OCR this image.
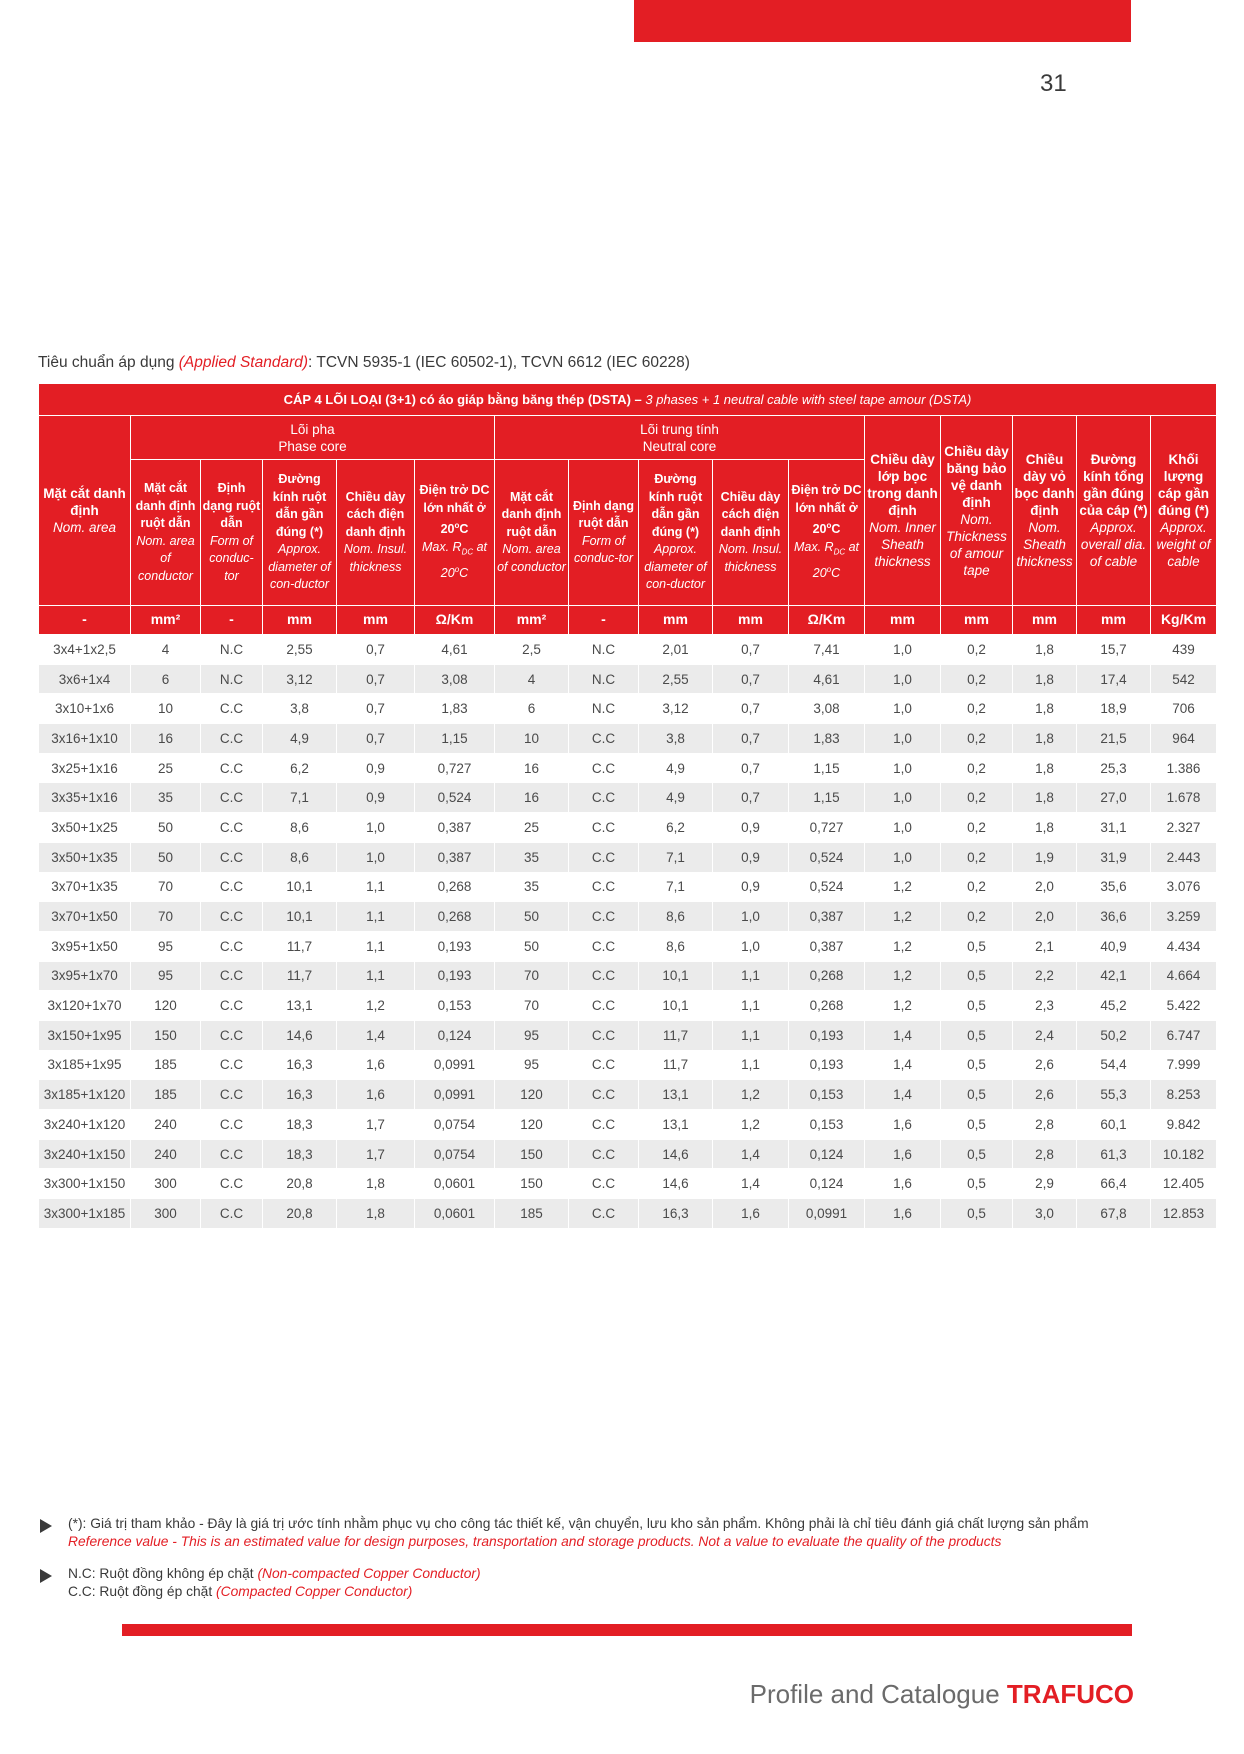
31
Tiêu chuẩn áp dụng (Applied Standard): TCVN 5935-1 (IEC 60502-1), TCVN 6612 (IEC 60228)
CÁP 4 LÕI LOẠI (3+1) có áo giáp bằng băng thép (DSTA) – 3 phases + 1 neutral cable with steel tape amour (DSTA)															
Mặt cắt danh định
Nom. area	Lõi pha
Phase core					Lõi trung tính
Neutral core					Chiều dày lớp bọc trong danh định
Nom. Inner Sheath thickness	Chiều dày băng bảo vệ danh định
Nom. Thickness of amour tape	Chiều dày vỏ bọc danh định
Nom. Sheath thickness	Đường kính tổng gần đúng của cáp (*)
Approx. overall dia. of cable	Khối lượng cáp gần đúng (*)
Approx. weight of cable

	Mặt cắt danh định ruột dẫn
Nom. area of conductor	Định dạng ruột dẫn
Form of conduc-tor	Đường kính ruột dẫn gần đúng (*)
Approx. diameter of con-ductor	Chiều dày cách điện danh định
Nom. Insul. thickness	Điện trở DC lớn nhất ở 20$^o$C
Max. $R_{DC}$ at 20$^o$C	Mặt cắt danh định ruột dẫn
Nom. area of conductor	Định dạng ruột dẫn
Form of conduc-tor	Đường kính ruột dẫn gần đúng (*)
Approx. diameter of con-ductor	Chiều dày cách điện danh định
Nom. Insul. thickness	Điện trở DC lớn nhất ở 20$^o$C
Max. $R_{DC}$ at 20$^o$C					

-	mm²	-	mm	mm	Ω/Km	mm²	-	mm	mm	Ω/Km	mm	mm	mm	mm	Kg/Km
3x4+1x2,5	4	N.C	2,55	0,7	4,61	2,5	N.C	2,01	0,7	7,41	1,0	0,2	1,8	15,7	439
3x6+1x4	6	N.C	3,12	0,7	3,08	4	N.C	2,55	0,7	4,61	1,0	0,2	1,8	17,4	542
3x10+1x6	10	C.C	3,8	0,7	1,83	6	N.C	3,12	0,7	3,08	1,0	0,2	1,8	18,9	706
3x16+1x10	16	C.C	4,9	0,7	1,15	10	C.C	3,8	0,7	1,83	1,0	0,2	1,8	21,5	964
3x25+1x16	25	C.C	6,2	0,9	0,727	16	C.C	4,9	0,7	1,15	1,0	0,2	1,8	25,3	1.386
3x35+1x16	35	C.C	7,1	0,9	0,524	16	C.C	4,9	0,7	1,15	1,0	0,2	1,8	27,0	1.678
3x50+1x25	50	C.C	8,6	1,0	0,387	25	C.C	6,2	0,9	0,727	1,0	0,2	1,8	31,1	2.327
3x50+1x35	50	C.C	8,6	1,0	0,387	35	C.C	7,1	0,9	0,524	1,0	0,2	1,9	31,9	2.443
3x70+1x35	70	C.C	10,1	1,1	0,268	35	C.C	7,1	0,9	0,524	1,2	0,2	2,0	35,6	3.076
3x70+1x50	70	C.C	10,1	1,1	0,268	50	C.C	8,6	1,0	0,387	1,2	0,2	2,0	36,6	3.259
3x95+1x50	95	C.C	11,7	1,1	0,193	50	C.C	8,6	1,0	0,387	1,2	0,5	2,1	40,9	4.434
3x95+1x70	95	C.C	11,7	1,1	0,193	70	C.C	10,1	1,1	0,268	1,2	0,5	2,2	42,1	4.664
3x120+1x70	120	C.C	13,1	1,2	0,153	70	C.C	10,1	1,1	0,268	1,2	0,5	2,3	45,2	5.422
3x150+1x95	150	C.C	14,6	1,4	0,124	95	C.C	11,7	1,1	0,193	1,4	0,5	2,4	50,2	6.747
3x185+1x95	185	C.C	16,3	1,6	0,0991	95	C.C	11,7	1,1	0,193	1,4	0,5	2,6	54,4	7.999
3x185+1x120	185	C.C	16,3	1,6	0,0991	120	C.C	13,1	1,2	0,153	1,4	0,5	2,6	55,3	8.253
3x240+1x120	240	C.C	18,3	1,7	0,0754	120	C.C	13,1	1,2	0,153	1,6	0,5	2,8	60,1	9.842
3x240+1x150	240	C.C	18,3	1,7	0,0754	150	C.C	14,6	1,4	0,124	1,6	0,5	2,8	61,3	10.182
3x300+1x150	300	C.C	20,8	1,8	0,0601	150	C.C	14,6	1,4	0,124	1,6	0,5	2,9	66,4	12.405
3x300+1x185	300	C.C	20,8	1,8	0,0601	185	C.C	16,3	1,6	0,0991	1,6	0,5	3,0	67,8	12.853
(*): Giá trị tham khảo - Đây là giá trị ước tính nhằm phục vụ cho công tác thiết kế, vận chuyển, lưu kho sản phẩm. Không phải là chỉ tiêu đánh giá chất lượng sản phẩm
Reference value - This is an estimated value for design purposes, transportation and storage products. Not a value to evaluate the quality of the products
N.C: Ruột đồng không ép chặt (Non-compacted Copper Conductor)
C.C: Ruột đồng ép chặt (Compacted Copper Conductor)
Profile and Catalogue TRAFUCO
